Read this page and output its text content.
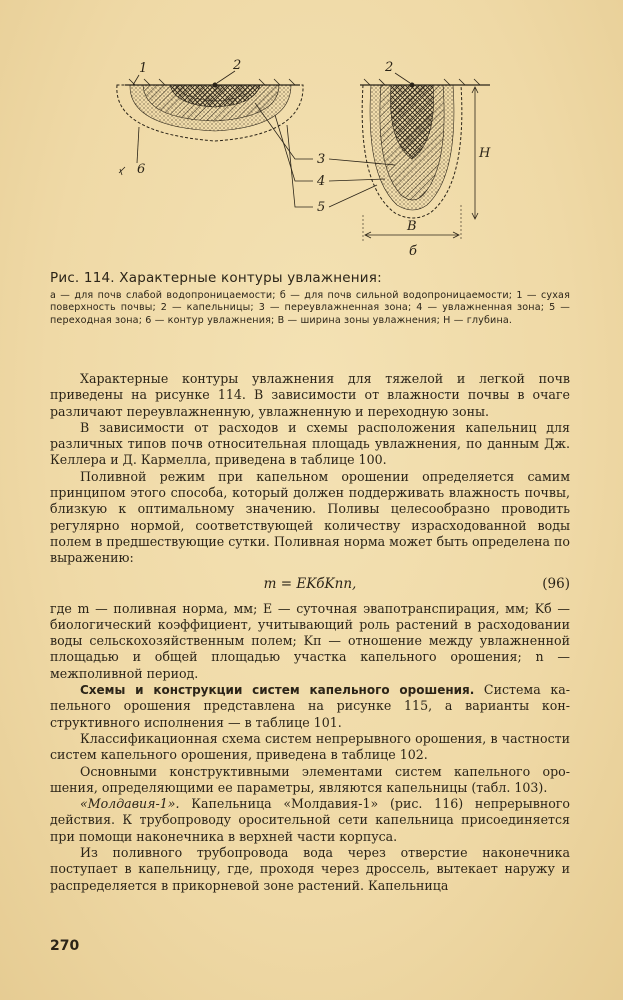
1	2
6
2
H
B
б
3
4
5

Рис. 114. Характерные контуры увлажнения:

а — для почв слабой водопроницаемости; б — для почв сильной водопроницаемости; 1 — сухая поверхность почвы; 2 — капельницы; 3 — переувлажненная зона; 4 — увлажненная зона; 5 — переходная зона; 6 — контур увлажнения; В — ширина зоны увлажнения; Н — глубина.

Характерные контуры увлажнения для тяжелой и легкой почв приведены на рисунке 114. В зависимости от влажности почвы в очаге различают переувлажненную, увлажненную и переходную зоны.

В зависимости от расходов и схемы расположения капельниц для различных типов почв относительная площадь увлажнения, по данным Дж. Келлера и Д. Кармелла, приведена в таблице 100.

Поливной режим при капельном орошении определяется самим принципом этого способа, который должен поддерживать влажность почвы, близкую к оптимальному значению. Поливы целесообразно проводить регулярно нормой, соответствующей количеству израсходованной воды полем в предшествующие сутки. Поливная норма может быть определена по выражению:

m = EKбKпn,	(96)

где m — поливная норма, мм; E — суточная эвапотранспирация, мм; Kб — биологический коэффициент, учитывающий роль растений в расходовании воды сельскохозяйственным полем; Kп — отношение между увлажненной площадью и общей площадью участка капельного орошения; n — межполивной период.

Схемы и конструкции систем капельного орошения. Система капельного орошения представлена на рисунке 115, а варианты конструктивного исполнения — в таблице 101.

Классификационная схема систем непрерывного орошения, в частности систем капельного орошения, приведена в таблице 102.

Основными конструктивными элементами систем капельного орошения, определяющими ее параметры, являются капельницы (табл. 103).

«Молдавия-1». Капельница «Молдавия-1» (рис. 116) непрерывного действия. К трубопроводу оросительной сети капельница присоединяется при помощи наконечника в верхней части корпуса.

Из поливного трубопровода вода через отверстие наконечника поступает в капельницу, где, проходя через дроссель, вытекает наружу и распределяется в прикорневой зоне растений. Капельница

270
